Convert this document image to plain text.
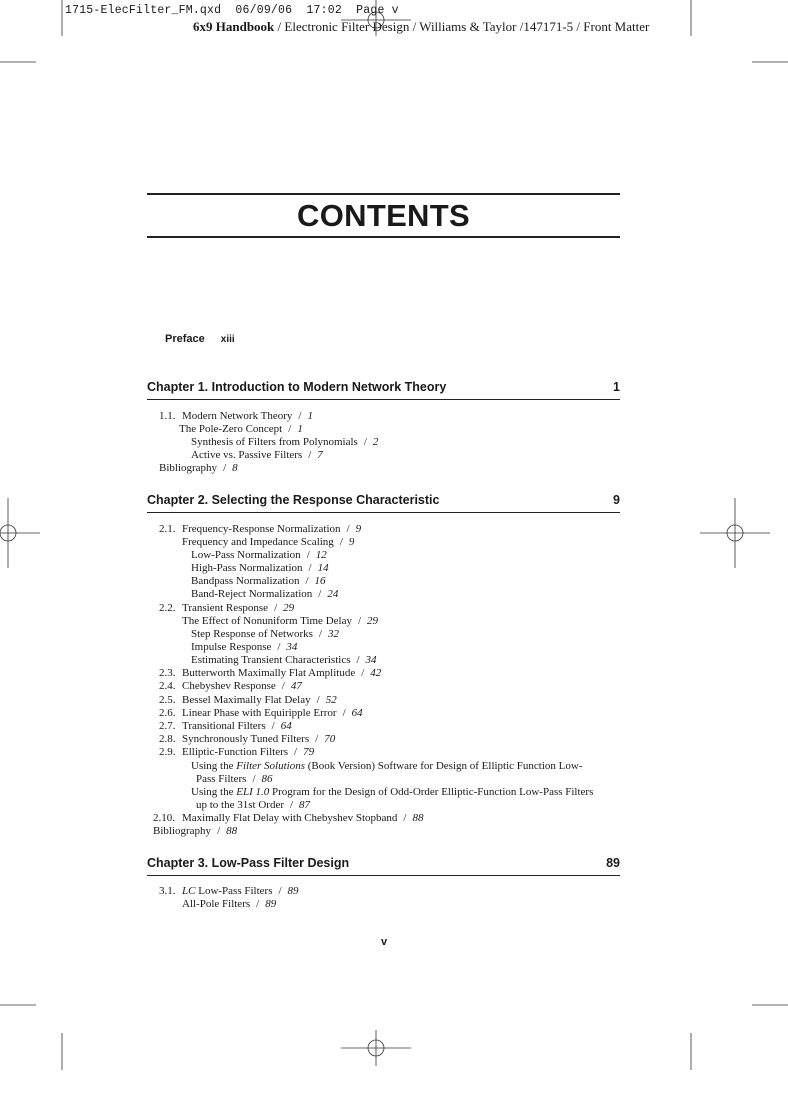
1715-ElecFilter_FM.qxd  06/09/06  17:02  Page v
6x9 Handbook / Electronic Filter Design / Williams & Taylor /147171-5 / Front Matter
CONTENTS
Preface xiii
Chapter 1. Introduction to Modern Network Theory	1
1.1. Modern Network Theory / 1
The Pole-Zero Concept / 1
Synthesis of Filters from Polynomials / 2
Active vs. Passive Filters / 7
Bibliography / 8
Chapter 2. Selecting the Response Characteristic	9
2.1. Frequency-Response Normalization / 9
Frequency and Impedance Scaling / 9
Low-Pass Normalization / 12
High-Pass Normalization / 14
Bandpass Normalization / 16
Band-Reject Normalization / 24
2.2. Transient Response / 29
The Effect of Nonuniform Time Delay / 29
Step Response of Networks / 32
Impulse Response / 34
Estimating Transient Characteristics / 34
2.3. Butterworth Maximally Flat Amplitude / 42
2.4. Chebyshev Response / 47
2.5. Bessel Maximally Flat Delay / 52
2.6. Linear Phase with Equiripple Error / 64
2.7. Transitional Filters / 64
2.8. Synchronously Tuned Filters / 70
2.9. Elliptic-Function Filters / 79
Using the Filter Solutions (Book Version) Software for Design of Elliptic Function Low-
Pass Filters / 86
Using the ELI 1.0 Program for the Design of Odd-Order Elliptic-Function Low-Pass Filters
up to the 31st Order / 87
2.10. Maximally Flat Delay with Chebyshev Stopband / 88
Bibliography / 88
Chapter 3. Low-Pass Filter Design	89
3.1. LC Low-Pass Filters / 89
All-Pole Filters / 89
v
